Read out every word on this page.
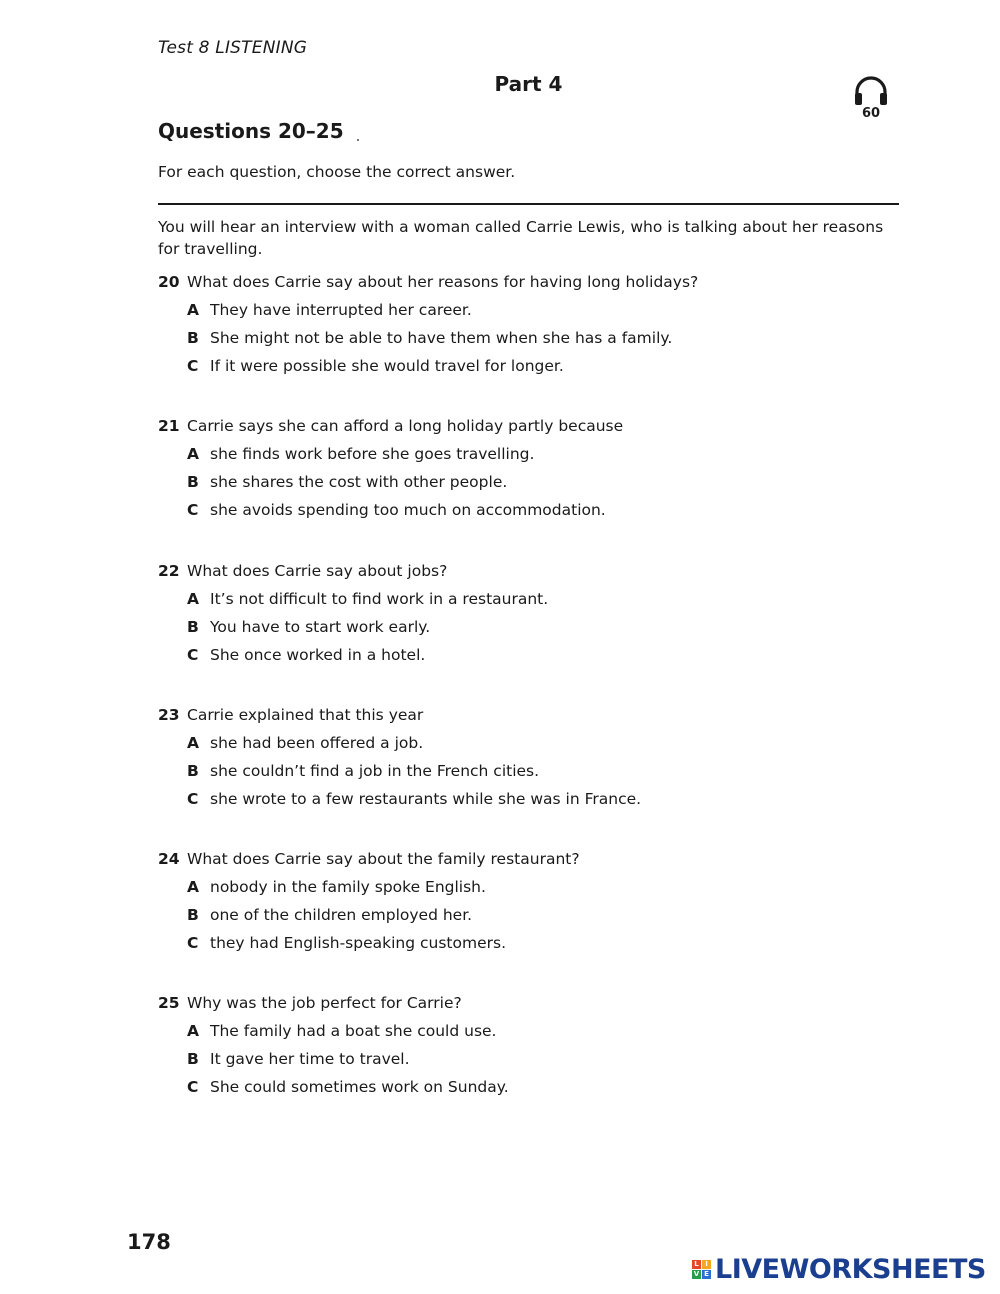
Test 8 LISTENING
Part 4
60
Questions 20–25
For each question, choose the correct answer.
You will hear an interview with a woman called Carrie Lewis, who is talking about her reasons for travelling.
20 What does Carrie say about her reasons for having long holidays?
A They have interrupted her career.
B She might not be able to have them when she has a family.
C If it were possible she would travel for longer.
21 Carrie says she can afford a long holiday partly because
A she finds work before she goes travelling.
B she shares the cost with other people.
C she avoids spending too much on accommodation.
22 What does Carrie say about jobs?
A It’s not difficult to find work in a restaurant.
B You have to start work early.
C She once worked in a hotel.
23 Carrie explained that this year
A she had been offered a job.
B she couldn’t find a job in the French cities.
C she wrote to a few restaurants while she was in France.
24 What does Carrie say about the family restaurant?
A nobody in the family spoke English.
B one of the children employed her.
C they had English-speaking customers.
25 Why was the job perfect for Carrie?
A The family had a boat she could use.
B It gave her time to travel.
C She could sometimes work on Sunday.
178
L I
V E LIVEWORKSHEETS
